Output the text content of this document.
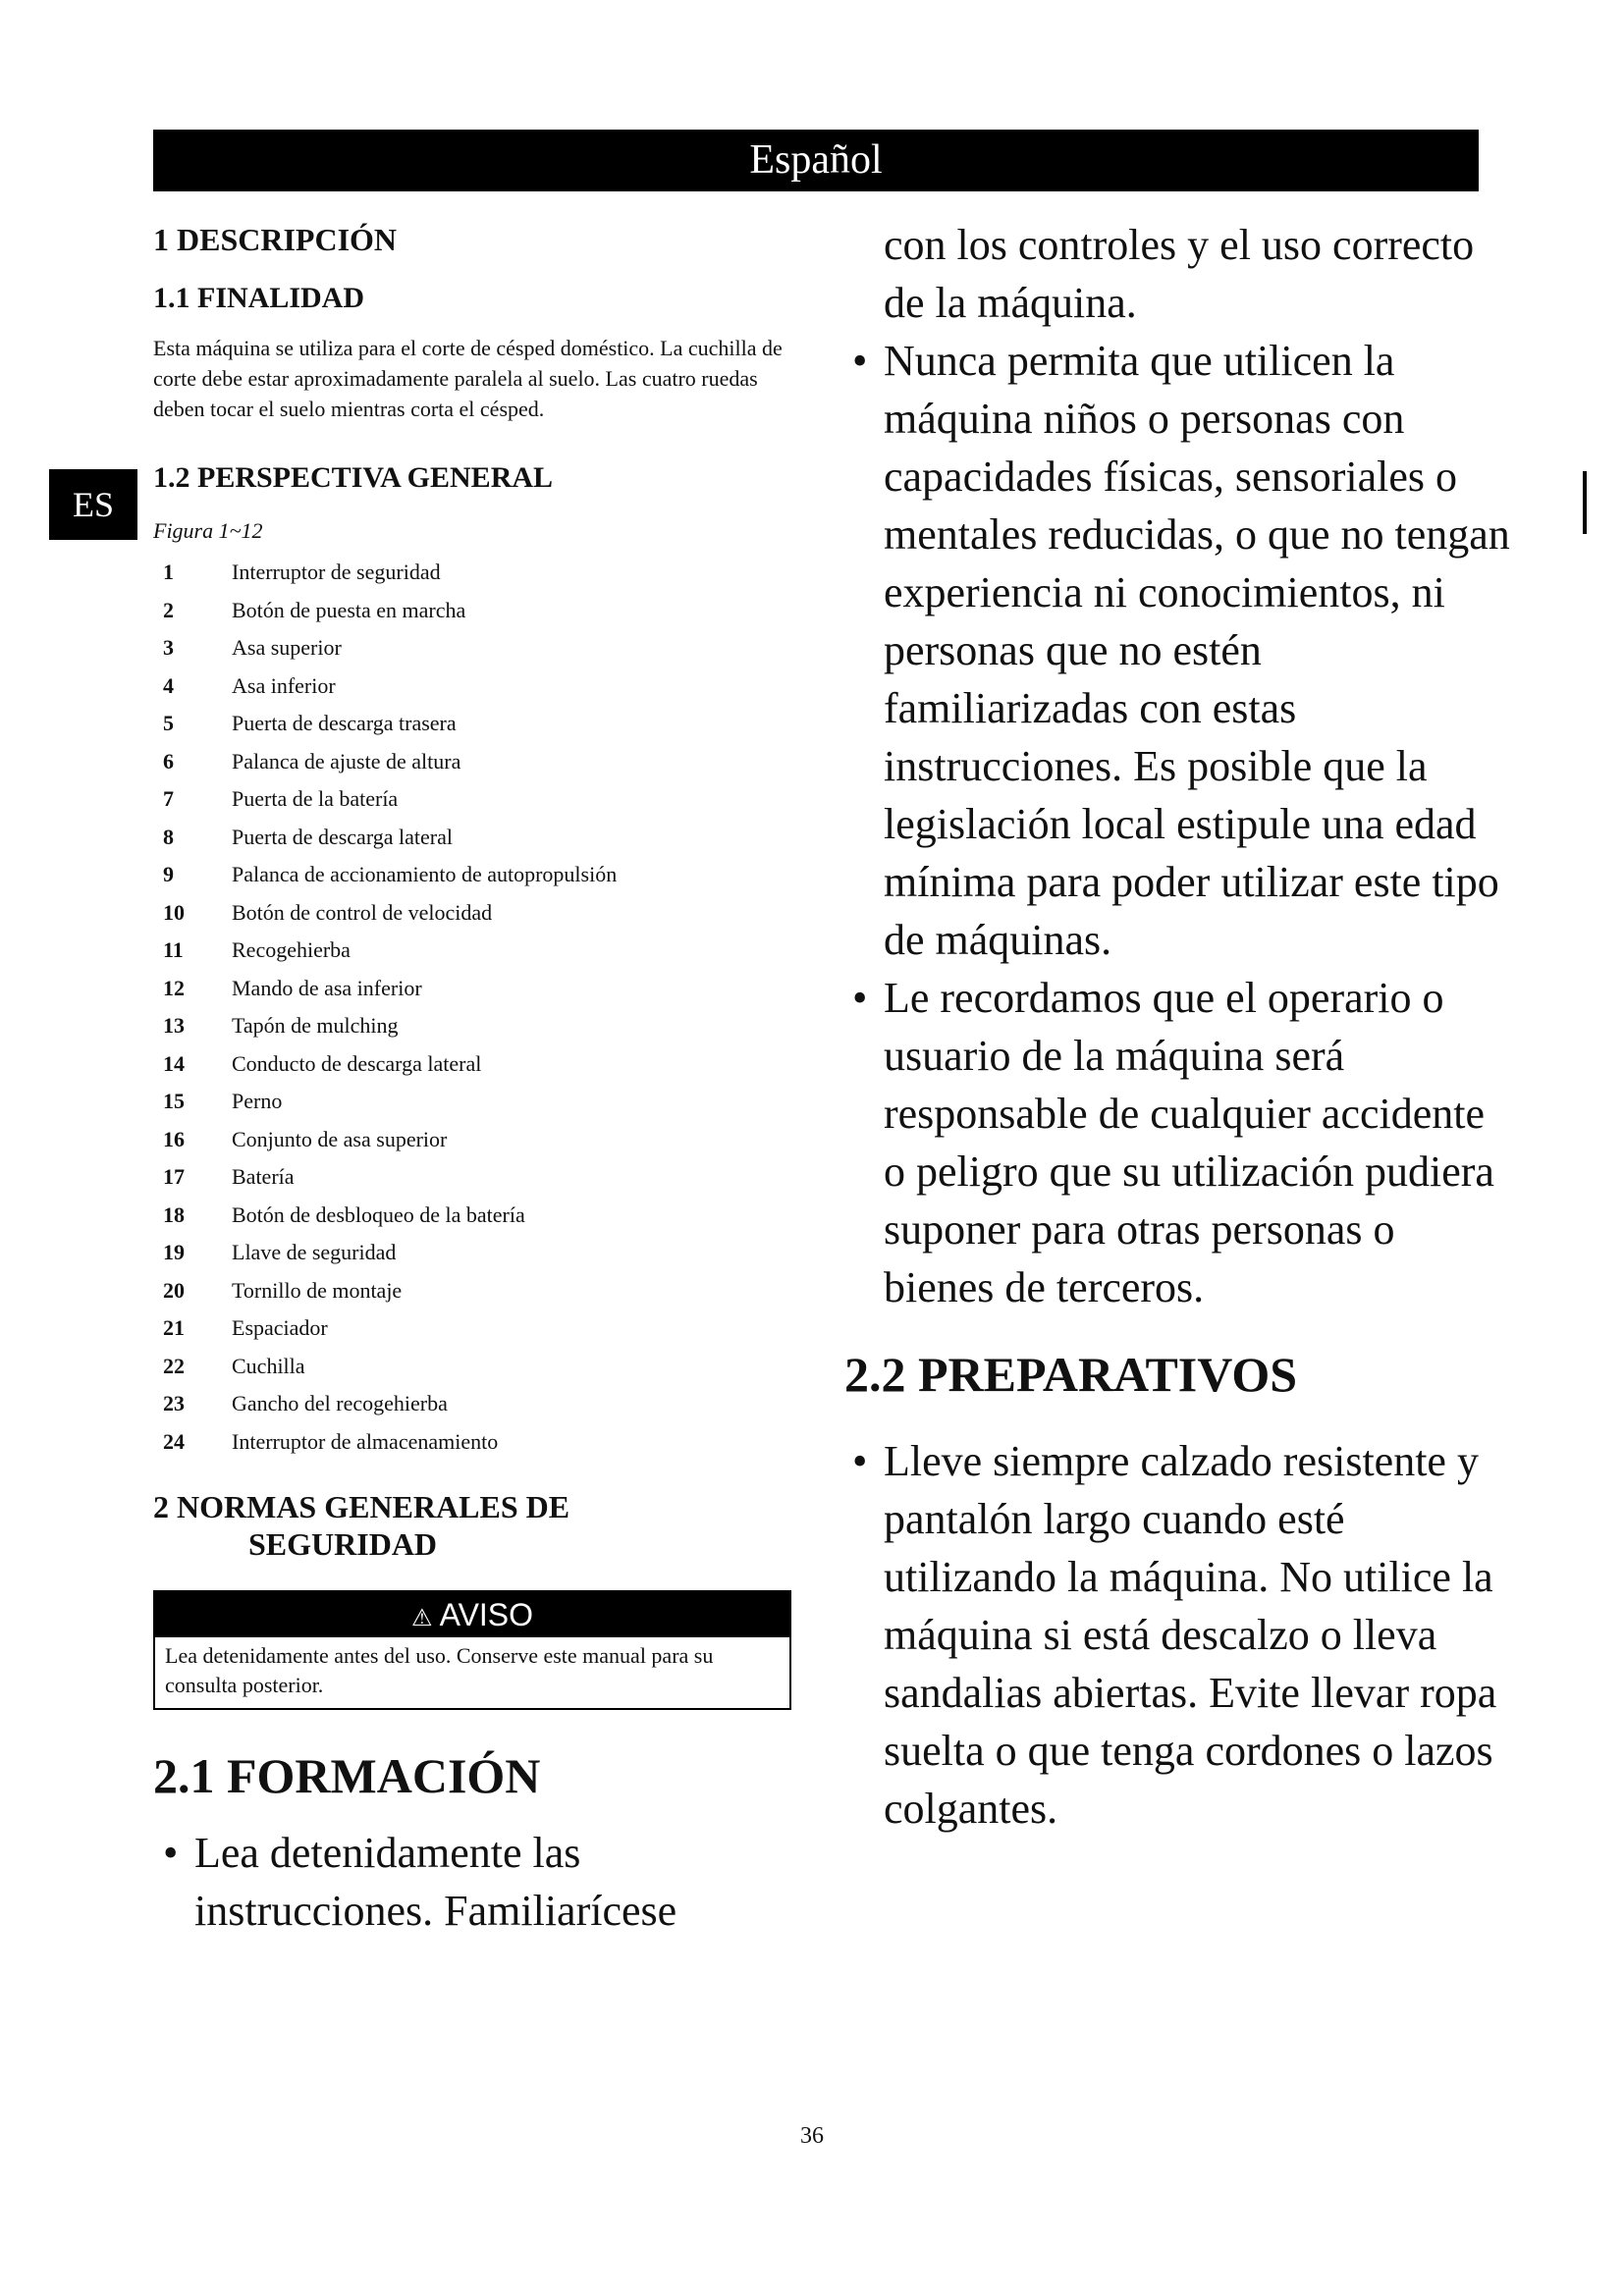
Español
ES
1 DESCRIPCIÓN
1.1 FINALIDAD

Esta máquina se utiliza para el corte de césped doméstico. La cuchilla de corte debe estar aproximadamente paralela al suelo. Las cuatro ruedas deben tocar el suelo mientras corta el césped.

1.2 PERSPECTIVA GENERAL
Figura 1~12
1	Interruptor de seguridad
2	Botón de puesta en marcha
3	Asa superior
4	Asa inferior
5	Puerta de descarga trasera
6	Palanca de ajuste de altura
7	Puerta de la batería
8	Puerta de descarga lateral
9	Palanca de accionamiento de autopropulsión
10	Botón de control de velocidad
11	Recogehierba
12	Mando de asa inferior
13	Tapón de mulching
14	Conducto de descarga lateral
15	Perno
16	Conjunto de asa superior
17	Batería
18	Botón de desbloqueo de la batería
19	Llave de seguridad
20	Tornillo de montaje
21	Espaciador
22	Cuchilla
23	Gancho del recogehierba
24	Interruptor de almacenamiento
2 NORMAS GENERALES DE
SEGURIDAD
⚠ AVISO
Lea detenidamente antes del uso. Conserve este manual para su consulta posterior.
2.1 FORMACIÓN
• Lea detenidamente las instrucciones. Familiarícese

con los controles y el uso correcto de la máquina.

• Nunca permita que utilicen la máquina niños o personas con capacidades físicas, sensoriales o mentales reducidas, o que no tengan experiencia ni conocimientos, ni personas que no estén familiarizadas con estas instrucciones. Es posible que la legislación local estipule una edad mínima para poder utilizar este tipo de máquinas.
• Le recordamos que el operario o usuario de la máquina será responsable de cualquier accidente o peligro que su utilización pudiera suponer para otras personas o bienes de terceros.
2.2 PREPARATIVOS
• Lleve siempre calzado resistente y pantalón largo cuando esté utilizando la máquina. No utilice la máquina si está descalzo o lleva sandalias abiertas. Evite llevar ropa suelta o que tenga cordones o lazos colgantes.
36
